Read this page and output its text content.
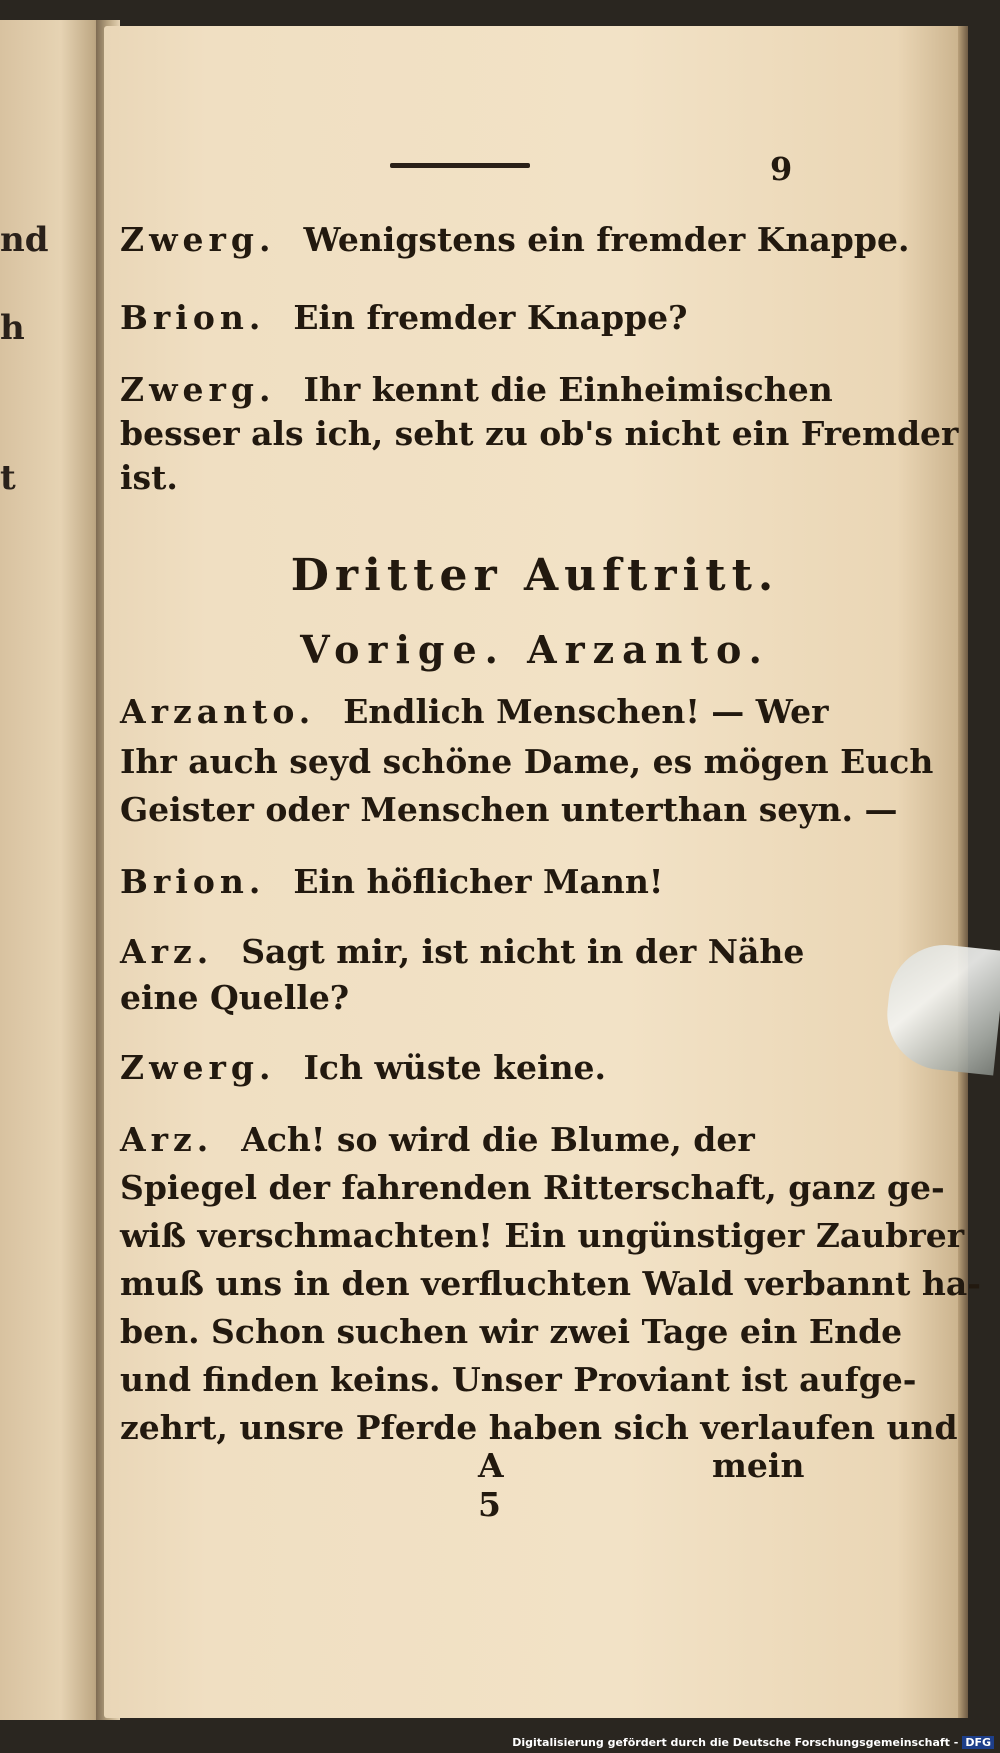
nd
h
t
9
Zwerg. Wenigstens ein fremder Knappe.
Brion. Ein fremder Knappe?
Zwerg. Ihr kennt die Einheimischen
besser als ich, seht zu ob's nicht ein Fremder
ist.
Dritter Auftritt.
Vorige. Arzanto.
Arzanto. Endlich Menschen! — Wer
Ihr auch seyd schöne Dame, es mögen Euch
Geister oder Menschen unterthan seyn. —
Brion. Ein höflicher Mann!
Arz. Sagt mir, ist nicht in der Nähe
eine Quelle?
Zwerg. Ich wüste keine.
Arz. Ach! so wird die Blume, der
Spiegel der fahrenden Ritterschaft, ganz ge-
wiß verschmachten! Ein ungünstiger Zaubrer
muß uns in den verfluchten Wald verbannt ha-
ben. Schon suchen wir zwei Tage ein Ende
und finden keins. Unser Proviant ist aufge-
zehrt, unsre Pferde haben sich verlaufen und
A 5
mein
Digitalisierung gefördert durch die Deutsche Forschungsgemeinschaft - DFG
